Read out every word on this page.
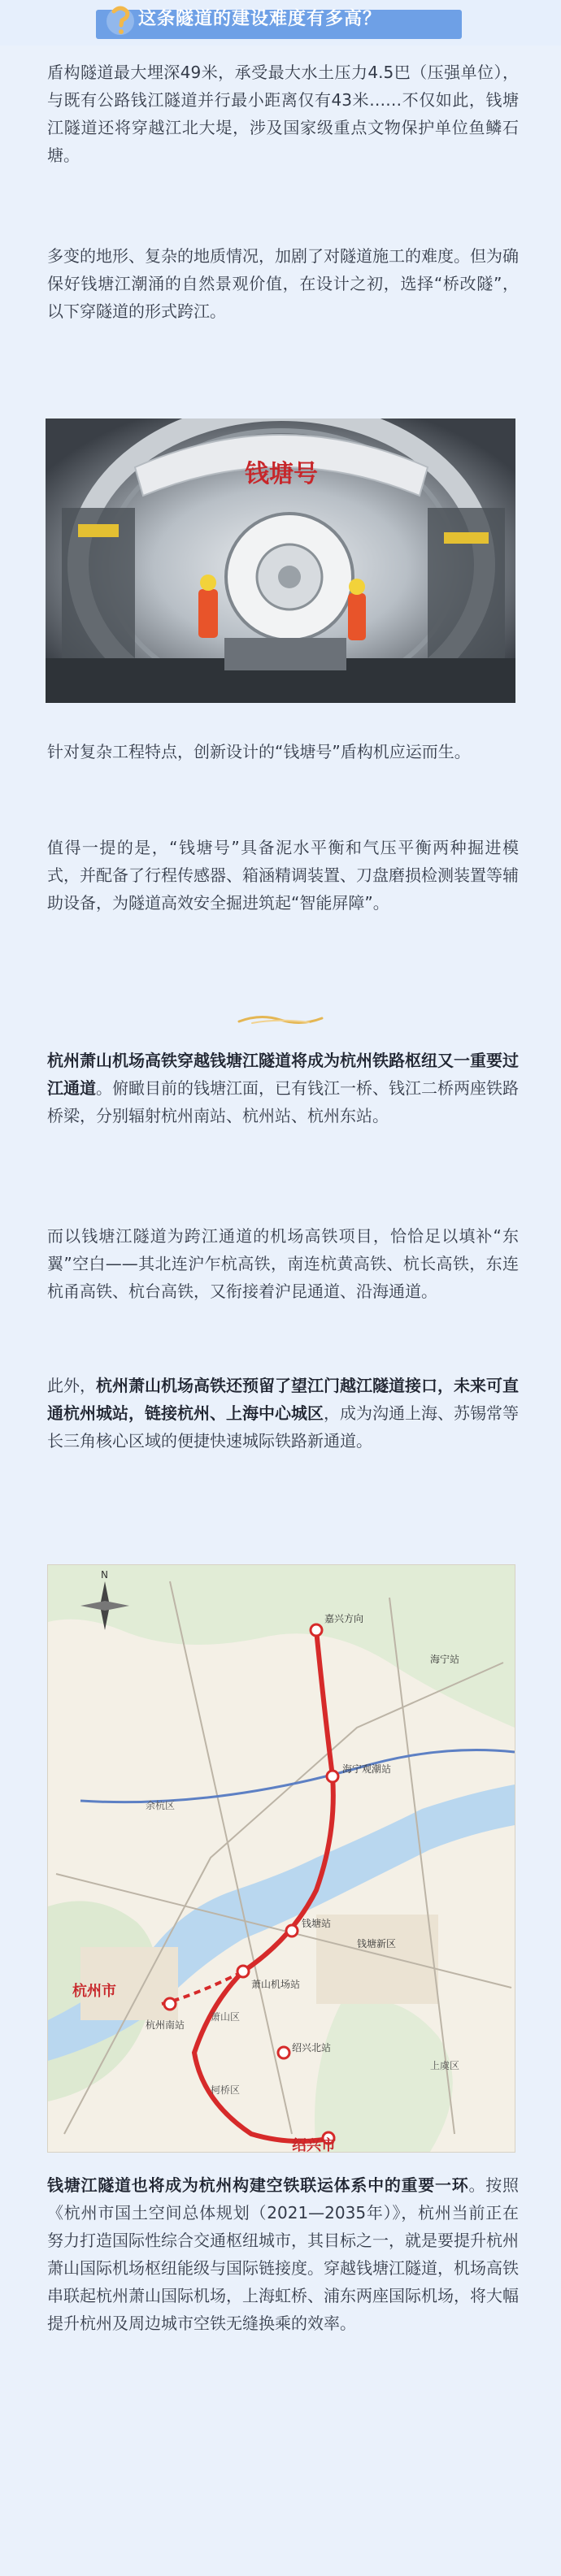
这条隧道的建设难度有多高？

盾构隧道最大埋深49米，承受最大水土压力4.5巴（压强单位），与既有公路钱江隧道并行最小距离仅有43米……不仅如此，钱塘江隧道还将穿越江北大堤，涉及国家级重点文物保护单位鱼鳞石塘。

多变的地形、复杂的地质情况，加剧了对隧道施工的难度。但为确保好钱塘江潮涌的自然景观价值，在设计之初，选择“桥改隧”，以下穿隧道的形式跨江。

钱塘号

针对复杂工程特点，创新设计的“钱塘号”盾构机应运而生。

值得一提的是，“钱塘号”具备泥水平衡和气压平衡两种掘进模式，并配备了行程传感器、箱涵精调装置、刀盘磨损检测装置等辅助设备，为隧道高效安全掘进筑起“智能屏障”。

杭州萧山机场高铁穿越钱塘江隧道将成为杭州铁路枢纽又一重要过江通道。俯瞰目前的钱塘江面，已有钱江一桥、钱江二桥两座铁路桥梁，分别辐射杭州南站、杭州站、杭州东站。

而以钱塘江隧道为跨江通道的机场高铁项目，恰恰足以填补“东翼”空白——其北连沪乍杭高铁，南连杭黄高铁、杭长高铁，东连杭甬高铁、杭台高铁，又衔接着沪昆通道、沿海通道。

此外，杭州萧山机场高铁还预留了望江门越江隧道接口，未来可直通杭州城站，链接杭州、上海中心城区，成为沟通上海、苏锡常等长三角核心区域的便捷快速城际铁路新通道。

N
嘉兴方向
海宁观潮站
海宁站
钱塘站
钱塘新区
萧山机场站
杭州南站
杭州市
绍兴市
绍兴北站
柯桥区
萧山区
余杭区
上虞区

钱塘江隧道也将成为杭州构建空铁联运体系中的重要一环。按照《杭州市国土空间总体规划（2021—2035年）》，杭州当前正在努力打造国际性综合交通枢纽城市，其目标之一，就是要提升杭州萧山国际机场枢纽能级与国际链接度。穿越钱塘江隧道，机场高铁串联起杭州萧山国际机场，上海虹桥、浦东两座国际机场，将大幅提升杭州及周边城市空铁无缝换乘的效率。
